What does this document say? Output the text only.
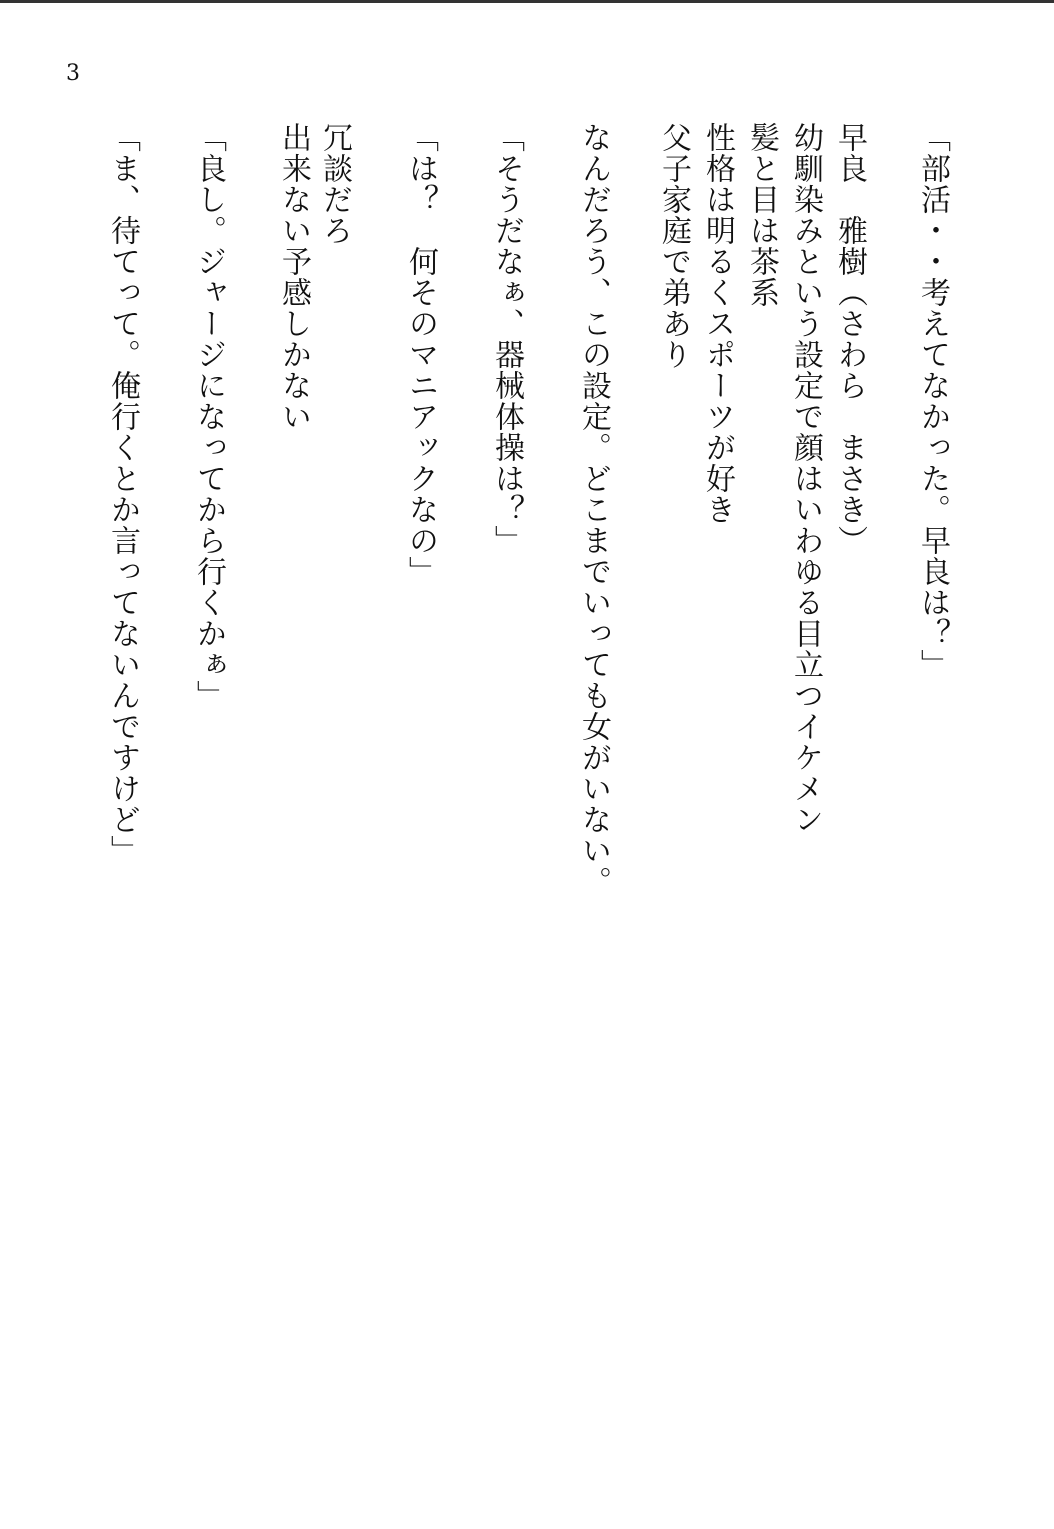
3
「部活・・考えてなかった。早良は？」
早良　雅樹（さわら　まさき）
幼馴染みという設定で顔はいわゆる目立つイケメン
髪と目は茶系
性格は明るくスポーツが好き
父子家庭で弟あり
なんだろう、この設定。どこまでいっても女がいない。
「そうだなぁ、器械体操は？」
「は？　何そのマニアックなの」
冗談だろ
出来ない予感しかない
「良し。ジャージになってから行くかぁ」
「ま、待てって。俺行くとか言ってないんですけど」
